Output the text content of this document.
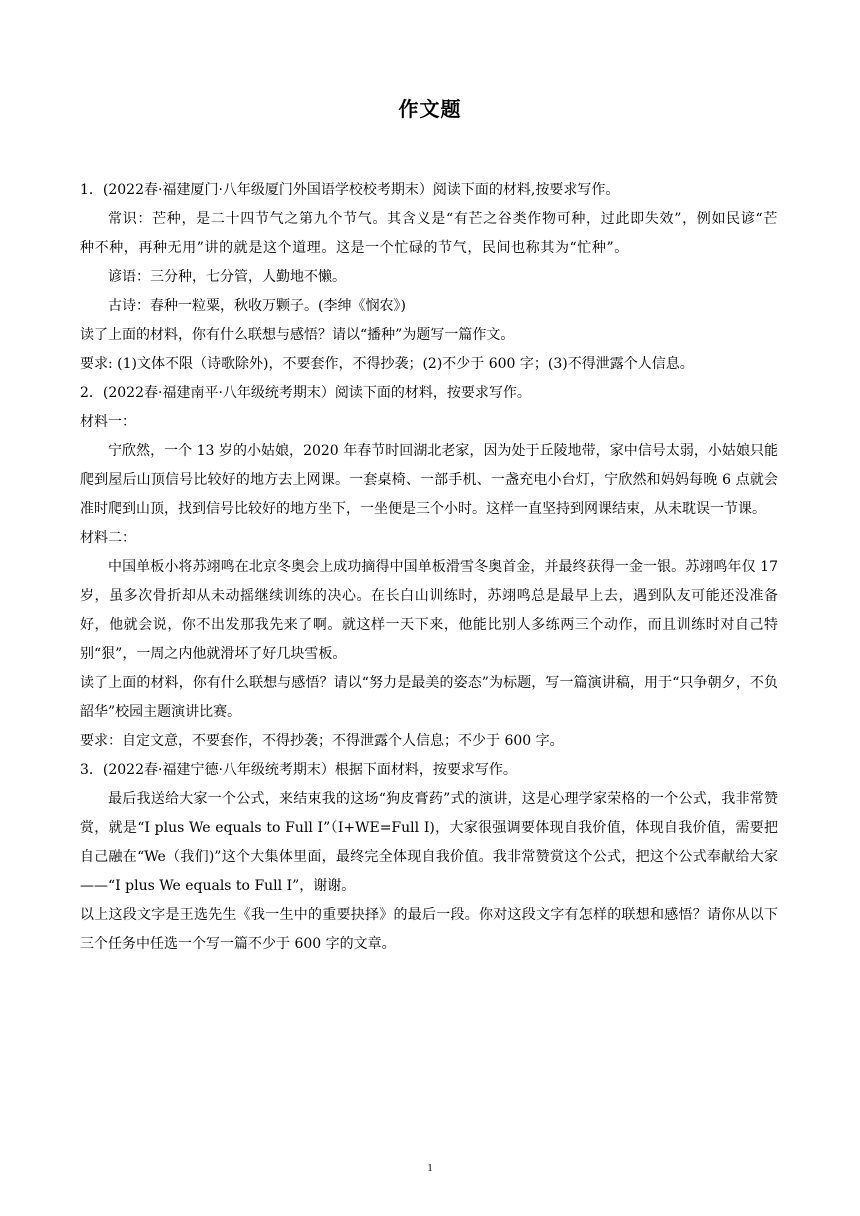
作文题

1．(2022春·福建厦门·八年级厦门外国语学校校考期末）阅读下面的材料,按要求写作。

常识：芒种，是二十四节气之第九个节气。其含义是“有芒之谷类作物可种，过此即失效”，例如民谚“芒种不种，再种无用”讲的就是这个道理。这是一个忙碌的节气，民间也称其为“忙种”。

谚语：三分种，七分管，人勤地不懒。

古诗：春种一粒粟，秋收万颗子。(李绅《悯农》)

读了上面的材料，你有什么联想与感悟？请以“播种”为题写一篇作文。

要求: (1)文体不限（诗歌除外)，不要套作，不得抄袭；(2)不少于 600 字；(3)不得泄露个人信息。

2．(2022春·福建南平·八年级统考期末）阅读下面的材料，按要求写作。

材料一：

宁欣然，一个 13 岁的小姑娘，2020 年春节时回湖北老家，因为处于丘陵地带，家中信号太弱，小姑娘只能爬到屋后山顶信号比较好的地方去上网课。一套桌椅、一部手机、一盏充电小台灯，宁欣然和妈妈每晚 6 点就会准时爬到山顶，找到信号比较好的地方坐下，一坐便是三个小时。这样一直坚持到网课结束，从未耽误一节课。

材料二：

中国单板小将苏翊鸣在北京冬奥会上成功摘得中国单板滑雪冬奥首金，并最终获得一金一银。苏翊鸣年仅 17 岁，虽多次骨折却从未动摇继续训练的决心。在长白山训练时，苏翊鸣总是最早上去，遇到队友可能还没准备好，他就会说，你不出发那我先来了啊。就这样一天下来，他能比别人多练两三个动作，而且训练时对自己特别“狠”，一周之内他就滑坏了好几块雪板。

读了上面的材料，你有什么联想与感悟？请以“努力是最美的姿态”为标题，写一篇演讲稿，用于“只争朝夕，不负韶华”校园主题演讲比赛。

要求：自定文意，不要套作，不得抄袭；不得泄露个人信息；不少于 600 字。

3．(2022春·福建宁德·八年级统考期末）根据下面材料，按要求写作。

最后我送给大家一个公式，来结束我的这场“狗皮膏药”式的演讲，这是心理学家荣格的一个公式，我非常赞赏，就是“I plus We equals to Full I”（I+WE=Full I)，大家很强调要体现自我价值，体现自我价值，需要把自己融在“We（我们)”这个大集体里面，最终完全体现自我价值。我非常赞赏这个公式，把这个公式奉献给大家——“I plus We equals to Full I”，谢谢。

以上这段文字是王选先生《我一生中的重要抉择》的最后一段。你对这段文字有怎样的联想和感悟？请你从以下三个任务中任选一个写一篇不少于 600 字的文章。

1
